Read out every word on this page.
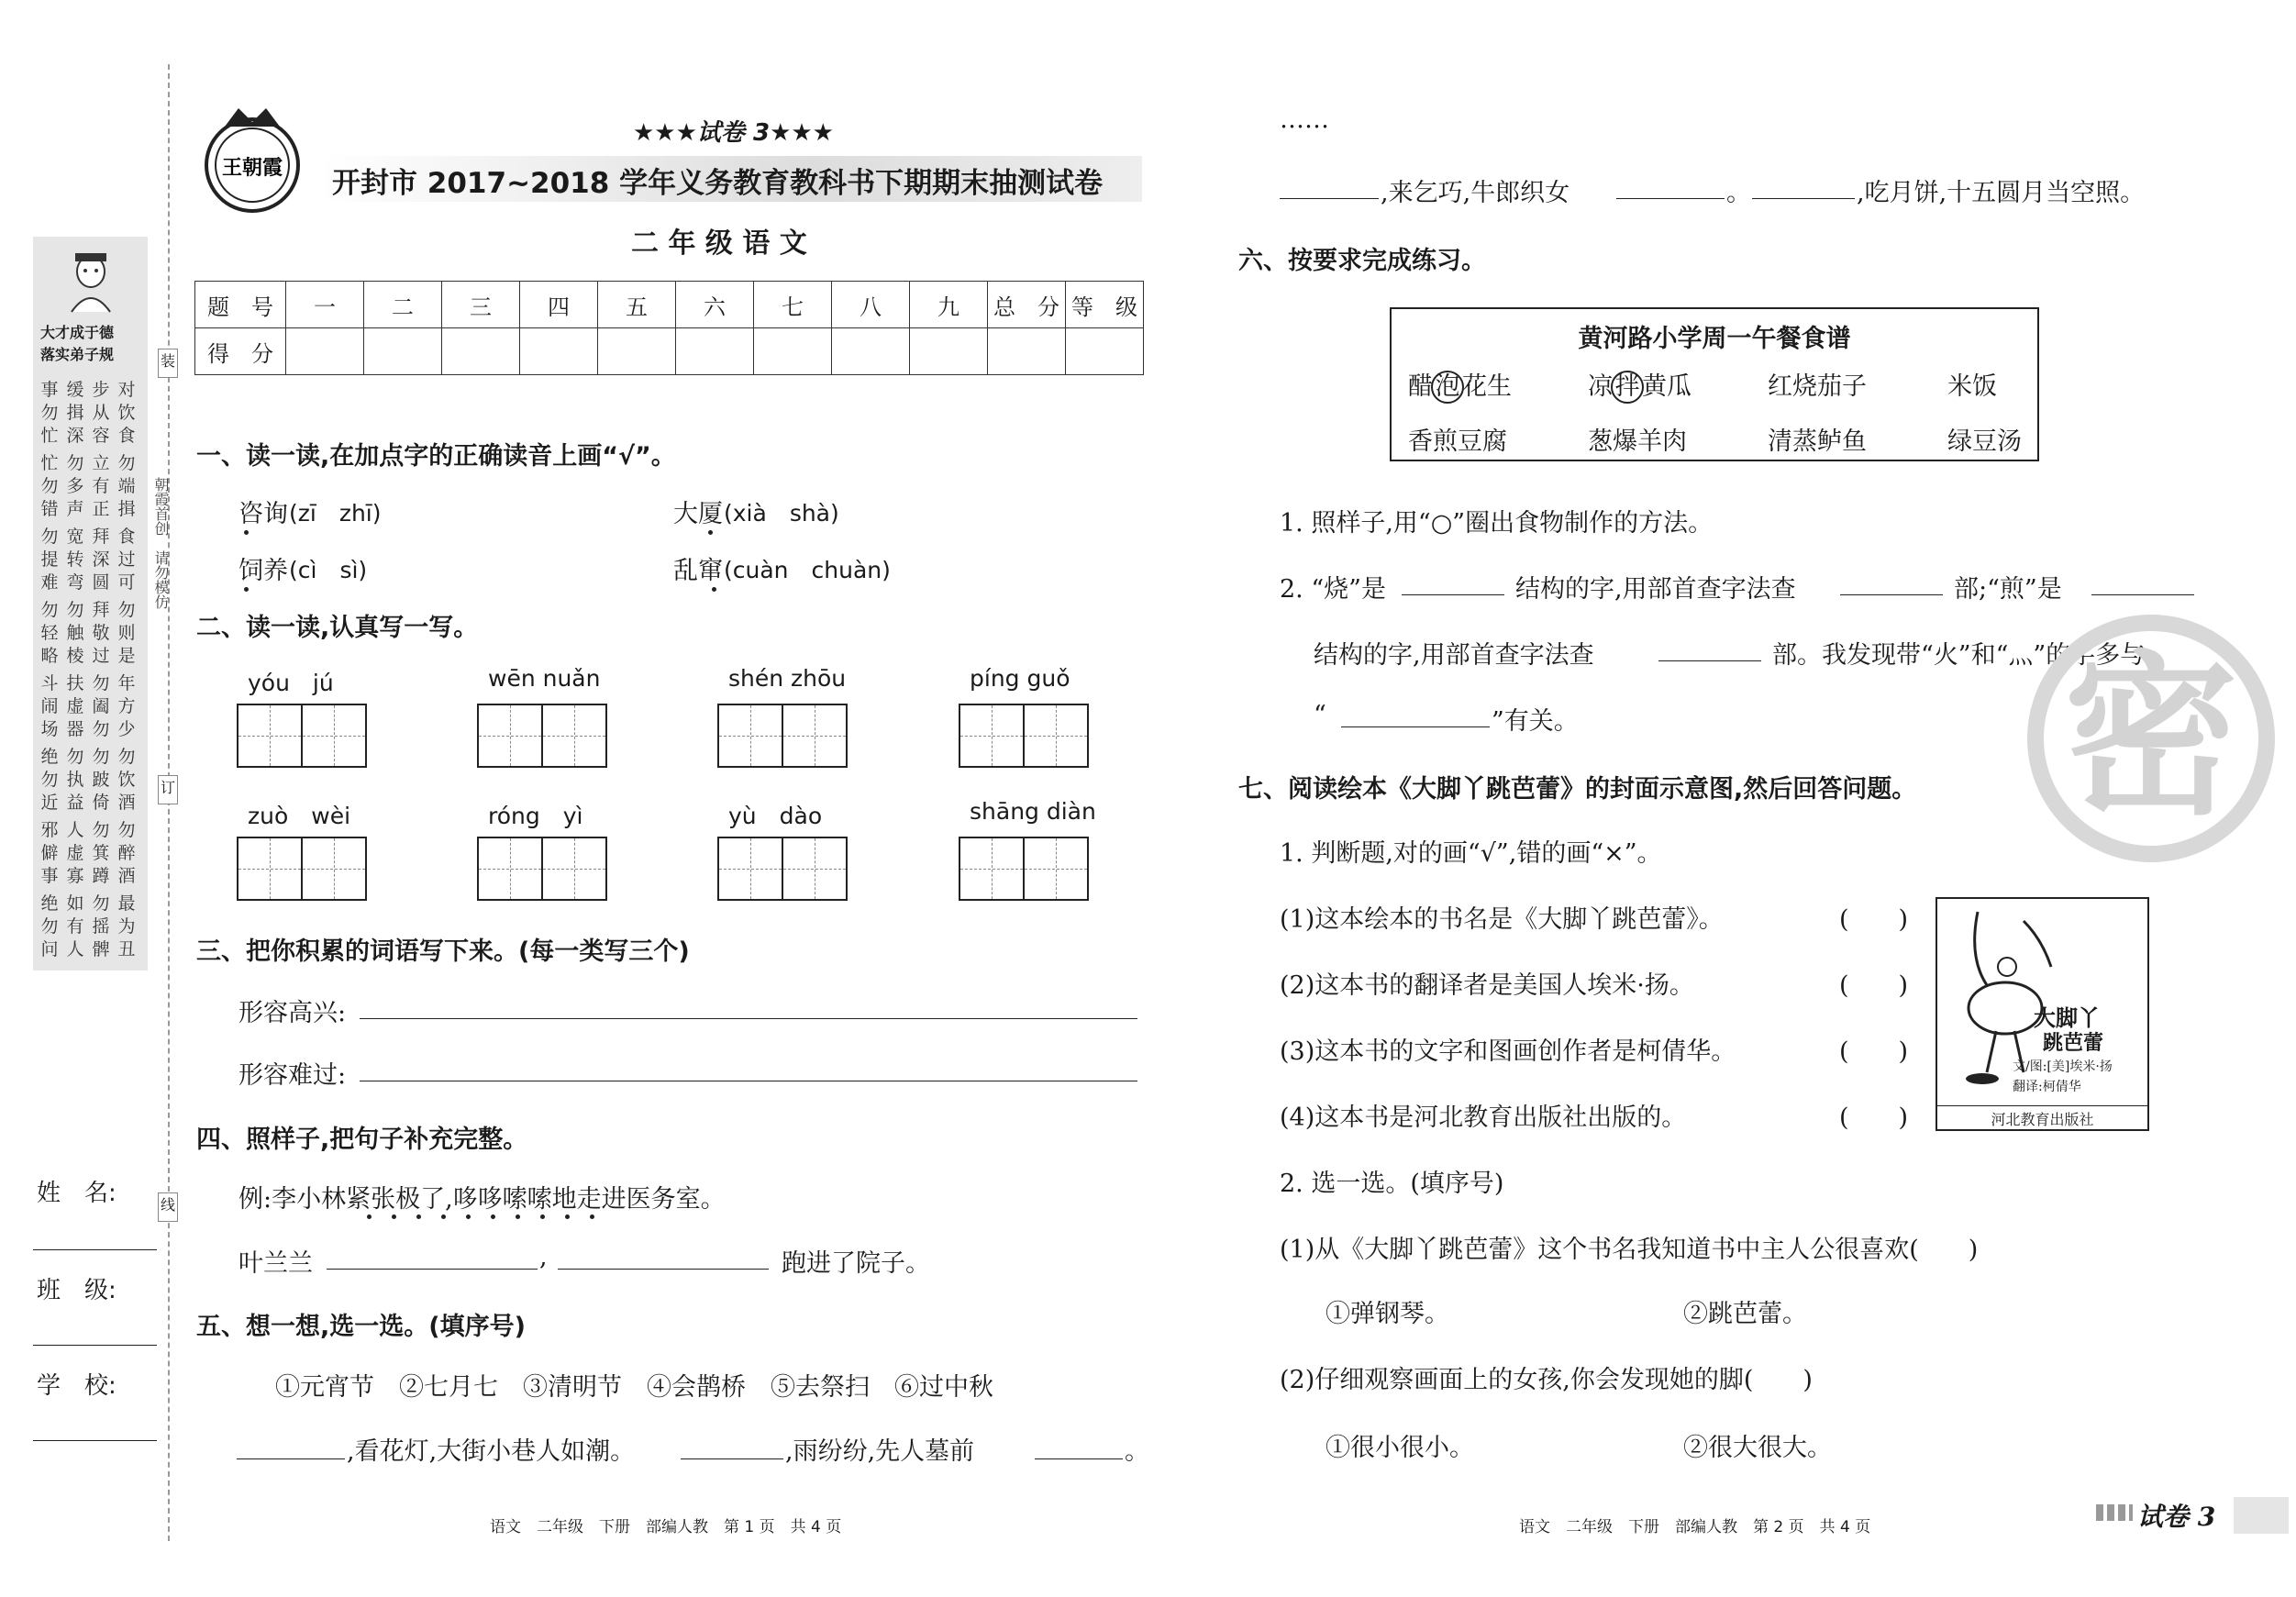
大才成于德
落实弟子规
事勿忙
缓揖深
步从容
对饮食
忙勿错
勿多声
立有正
勿端揖
勿提难
宽转弯
拜深圆
食过可
勿轻略
勿触棱
拜敬过
勿则是
斗闹场
扶虚器
勿阖勿
年方少
绝勿近
勿执益
勿跛倚
勿饮酒
邪僻事
人虚寡
勿箕蹲
勿醉酒
绝勿问
如有人
勿摇髀
最为丑
姓　名:
班　级:
学　校:
装
订
线
朝霞首创　请勿模仿
王朝霞
★★★试卷 3★★★
开封市 2017~2018 学年义务教育教科书下期期末抽测试卷
二 年 级 语 文
题　号	一	二	三	四	五	六	七	八	九	总　分	等　级
得　分											
一、读一读,在加点字的正确读音上画“√”。
咨询 (zī　zhī)	大厦 (xià　shà)
饲养 (cì　sì)	乱窜 (cuàn　chuàn)
二、读一读,认真写一写。
yóu　jú	wēn nuǎn	shén zhōu	píng guǒ
zuò　wèi	róng　yì	yù　dào	shāng diàn
三、把你积累的词语写下来。(每一类写三个)
形容高兴:
形容难过:
四、照样子,把句子补充完整。
例:李小林紧张极了,哆哆嗦嗦地走进医务室。
叶兰兰	,	跑进了院子。
五、想一想,选一选。(填序号)
①元宵节　②七月七　③清明节　④会鹊桥　⑤去祭扫　⑥过中秋
,看花灯,大街小巷人如潮。	,雨纷纷,先人墓前	。
语文　二年级　下册　部编人教　第 1 页　共 4 页
……
,来乞巧,牛郎织女	。	,吃月饼,十五圆月当空照。
六、按要求完成练习。
黄河路小学周一午餐食谱
醋泡花生	凉拌黄瓜	红烧茄子	米饭
香煎豆腐	葱爆羊肉	清蒸鲈鱼	绿豆汤
1. 照样子,用“○”圈出食物制作的方法。
2. “烧”是	结构的字,用部首查字法查	部;“煎”是
结构的字,用部首查字法查	部。我发现带“火”和“灬”的字多与
“	”有关。
七、阅读绘本《大脚丫跳芭蕾》的封面示意图,然后回答问题。
1. 判断题,对的画“√”,错的画“×”。
(1)这本绘本的书名是《大脚丫跳芭蕾》。	(　　)
(2)这本书的翻译者是美国人埃米·扬。	(　　)
(3)这本书的文字和图画创作者是柯倩华。	(　　)
(4)这本书是河北教育出版社出版的。	(　　)
大脚丫
跳芭蕾
文/图:[美]埃米·扬
翻译:柯倩华
河北教育出版社
2. 选一选。(填序号)
(1)从《大脚丫跳芭蕾》这个书名我知道书中主人公很喜欢(　　)
①弹钢琴。	②跳芭蕾。
(2)仔细观察画面上的女孩,你会发现她的脚(　　)
①很小很小。	②很大很大。
密
语文　二年级　下册　部编人教　第 2 页　共 4 页	试卷 3
